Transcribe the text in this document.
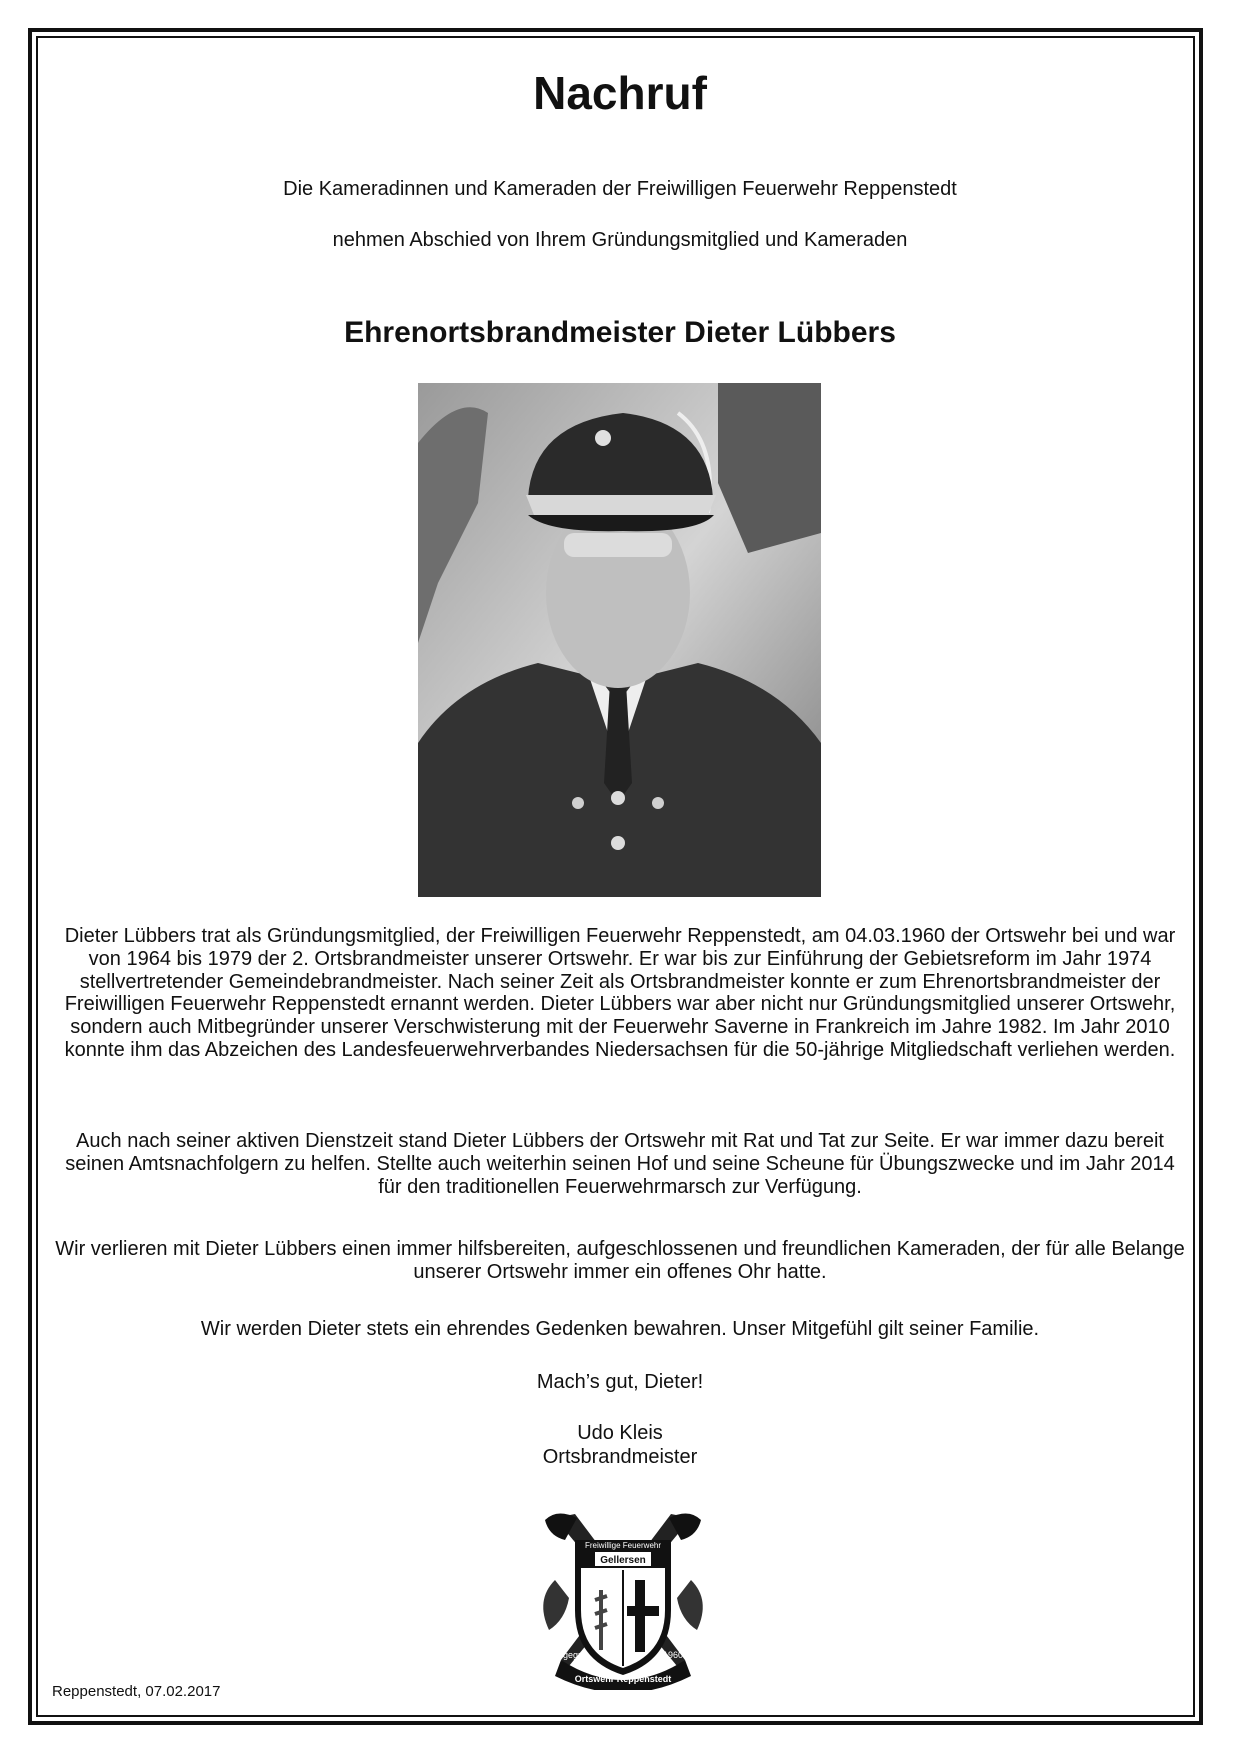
Nachruf

Die Kameradinnen und Kameraden der Freiwilligen Feuerwehr Reppenstedt

nehmen Abschied von Ihrem Gründungsmitglied und Kameraden

Ehrenortsbrandmeister Dieter Lübbers

Dieter Lübbers trat als Gründungsmitglied, der Freiwilligen Feuerwehr Reppenstedt, am 04.03.1960 der Ortswehr bei und war von 1964 bis 1979 der 2. Ortsbrandmeister unserer Ortswehr. Er war bis zur Einführung der Gebietsreform im Jahr 1974 stellvertretender Gemeindebrandmeister. Nach seiner Zeit als Ortsbrandmeister konnte er zum Ehrenortsbrandmeister der Freiwilligen Feuerwehr Reppenstedt ernannt werden. Dieter Lübbers war aber nicht nur Gründungsmitglied unserer Ortswehr, sondern auch Mitbegründer unserer Verschwisterung mit der Feuerwehr Saverne in Frankreich im Jahre 1982. Im Jahr 2010 konnte ihm das Abzeichen des Landesfeuerwehrverbandes Niedersachsen für die 50-jährige Mitgliedschaft verliehen werden.

Auch nach seiner aktiven Dienstzeit stand Dieter Lübbers der Ortswehr mit Rat und Tat zur Seite. Er war immer dazu bereit seinen Amtsnachfolgern zu helfen. Stellte auch weiterhin seinen Hof und seine Scheune für Übungszwecke und im Jahr 2014 für den traditionellen Feuerwehrmarsch zur Verfügung.

Wir verlieren mit Dieter Lübbers einen immer hilfsbereiten, aufgeschlossenen und freundlichen Kameraden, der für alle Belange unserer Ortswehr immer ein offenes Ohr hatte.

Wir werden Dieter stets ein ehrendes Gedenken bewahren. Unser Mitgefühl gilt seiner Familie.

Mach’s gut, Dieter!

Udo Kleis

Ortsbrandmeister

Freiwillige Feuerwehr
Gellersen
gegr.	1960
Ortswehr Reppenstedt

Reppenstedt, 07.02.2017
